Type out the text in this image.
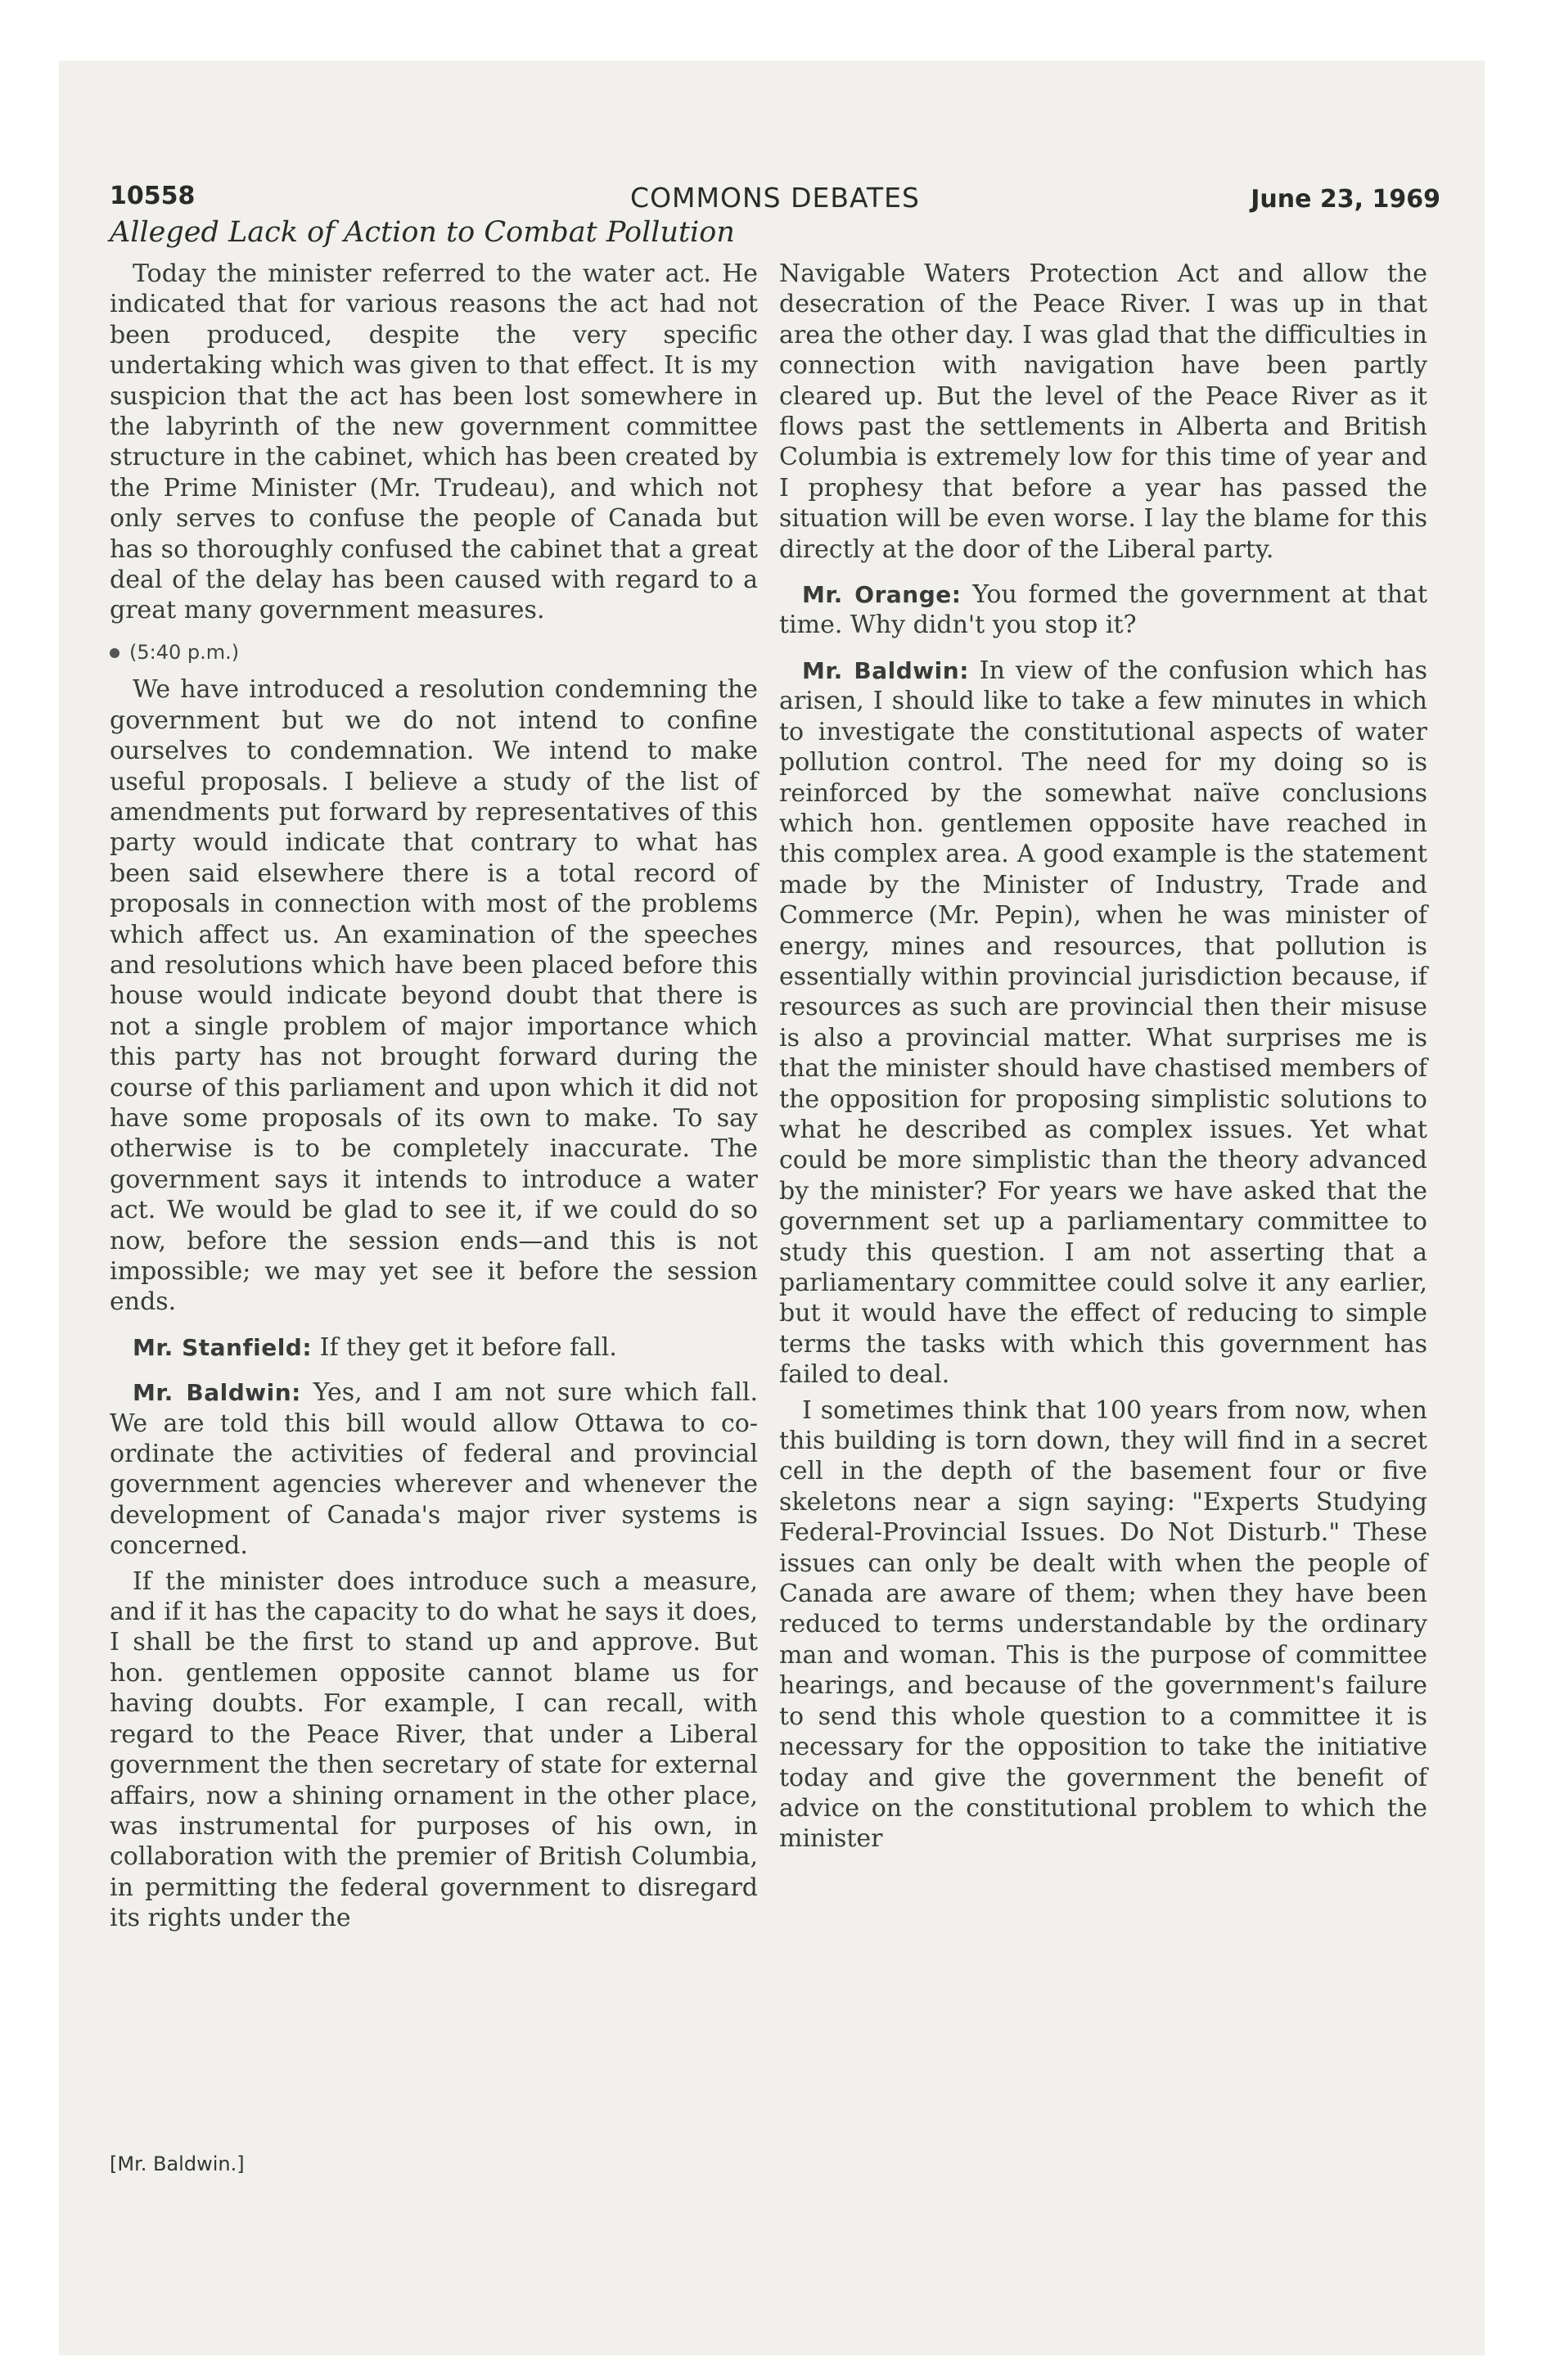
10558	COMMONS DEBATES	June 23, 1969
Alleged Lack of Action to Combat Pollution

Today the minister referred to the water act. He indicated that for various reasons the act had not been produced, despite the very specific undertaking which was given to that effect. It is my suspicion that the act has been lost somewhere in the labyrinth of the new government committee structure in the cabinet, which has been created by the Prime Minister (Mr. Trudeau), and which not only serves to confuse the people of Canada but has so thoroughly confused the cabinet that a great deal of the delay has been caused with regard to a great many government measures.

(5:40 p.m.)

We have introduced a resolution condemning the government but we do not intend to confine ourselves to condemnation. We intend to make useful proposals. I believe a study of the list of amendments put forward by representatives of this party would indicate that contrary to what has been said elsewhere there is a total record of proposals in connection with most of the problems which affect us. An examination of the speeches and resolutions which have been placed before this house would indicate beyond doubt that there is not a single problem of major importance which this party has not brought forward during the course of this parliament and upon which it did not have some proposals of its own to make. To say otherwise is to be completely inaccurate. The government says it intends to introduce a water act. We would be glad to see it, if we could do so now, before the session ends—and this is not impossible; we may yet see it before the session ends.

Mr. Stanfield: If they get it before fall.

Mr. Baldwin: Yes, and I am not sure which fall. We are told this bill would allow Ottawa to co-ordinate the activities of federal and provincial government agencies wherever and whenever the development of Canada's major river systems is concerned.

If the minister does introduce such a measure, and if it has the capacity to do what he says it does, I shall be the first to stand up and approve. But hon. gentlemen opposite cannot blame us for having doubts. For example, I can recall, with regard to the Peace River, that under a Liberal government the then secretary of state for external affairs, now a shining ornament in the other place, was instrumental for purposes of his own, in collaboration with the premier of British Columbia, in permitting the federal government to disregard its rights under the

Navigable Waters Protection Act and allow the desecration of the Peace River. I was up in that area the other day. I was glad that the difficulties in connection with navigation have been partly cleared up. But the level of the Peace River as it flows past the settlements in Alberta and British Columbia is extremely low for this time of year and I prophesy that before a year has passed the situation will be even worse. I lay the blame for this directly at the door of the Liberal party.

Mr. Orange: You formed the government at that time. Why didn't you stop it?

Mr. Baldwin: In view of the confusion which has arisen, I should like to take a few minutes in which to investigate the constitutional aspects of water pollution control. The need for my doing so is reinforced by the somewhat naïve conclusions which hon. gentlemen opposite have reached in this complex area. A good example is the statement made by the Minister of Industry, Trade and Commerce (Mr. Pepin), when he was minister of energy, mines and resources, that pollution is essentially within provincial jurisdiction because, if resources as such are provincial then their misuse is also a provincial matter. What surprises me is that the minister should have chastised members of the opposition for proposing simplistic solutions to what he described as complex issues. Yet what could be more simplistic than the theory advanced by the minister? For years we have asked that the government set up a parliamentary committee to study this question. I am not asserting that a parliamentary committee could solve it any earlier, but it would have the effect of reducing to simple terms the tasks with which this government has failed to deal.

I sometimes think that 100 years from now, when this building is torn down, they will find in a secret cell in the depth of the basement four or five skeletons near a sign saying: "Experts Studying Federal-Provincial Issues. Do Not Disturb." These issues can only be dealt with when the people of Canada are aware of them; when they have been reduced to terms understandable by the ordinary man and woman. This is the purpose of committee hearings, and because of the government's failure to send this whole question to a committee it is necessary for the opposition to take the initiative today and give the government the benefit of advice on the constitutional problem to which the minister

[Mr. Baldwin.]
